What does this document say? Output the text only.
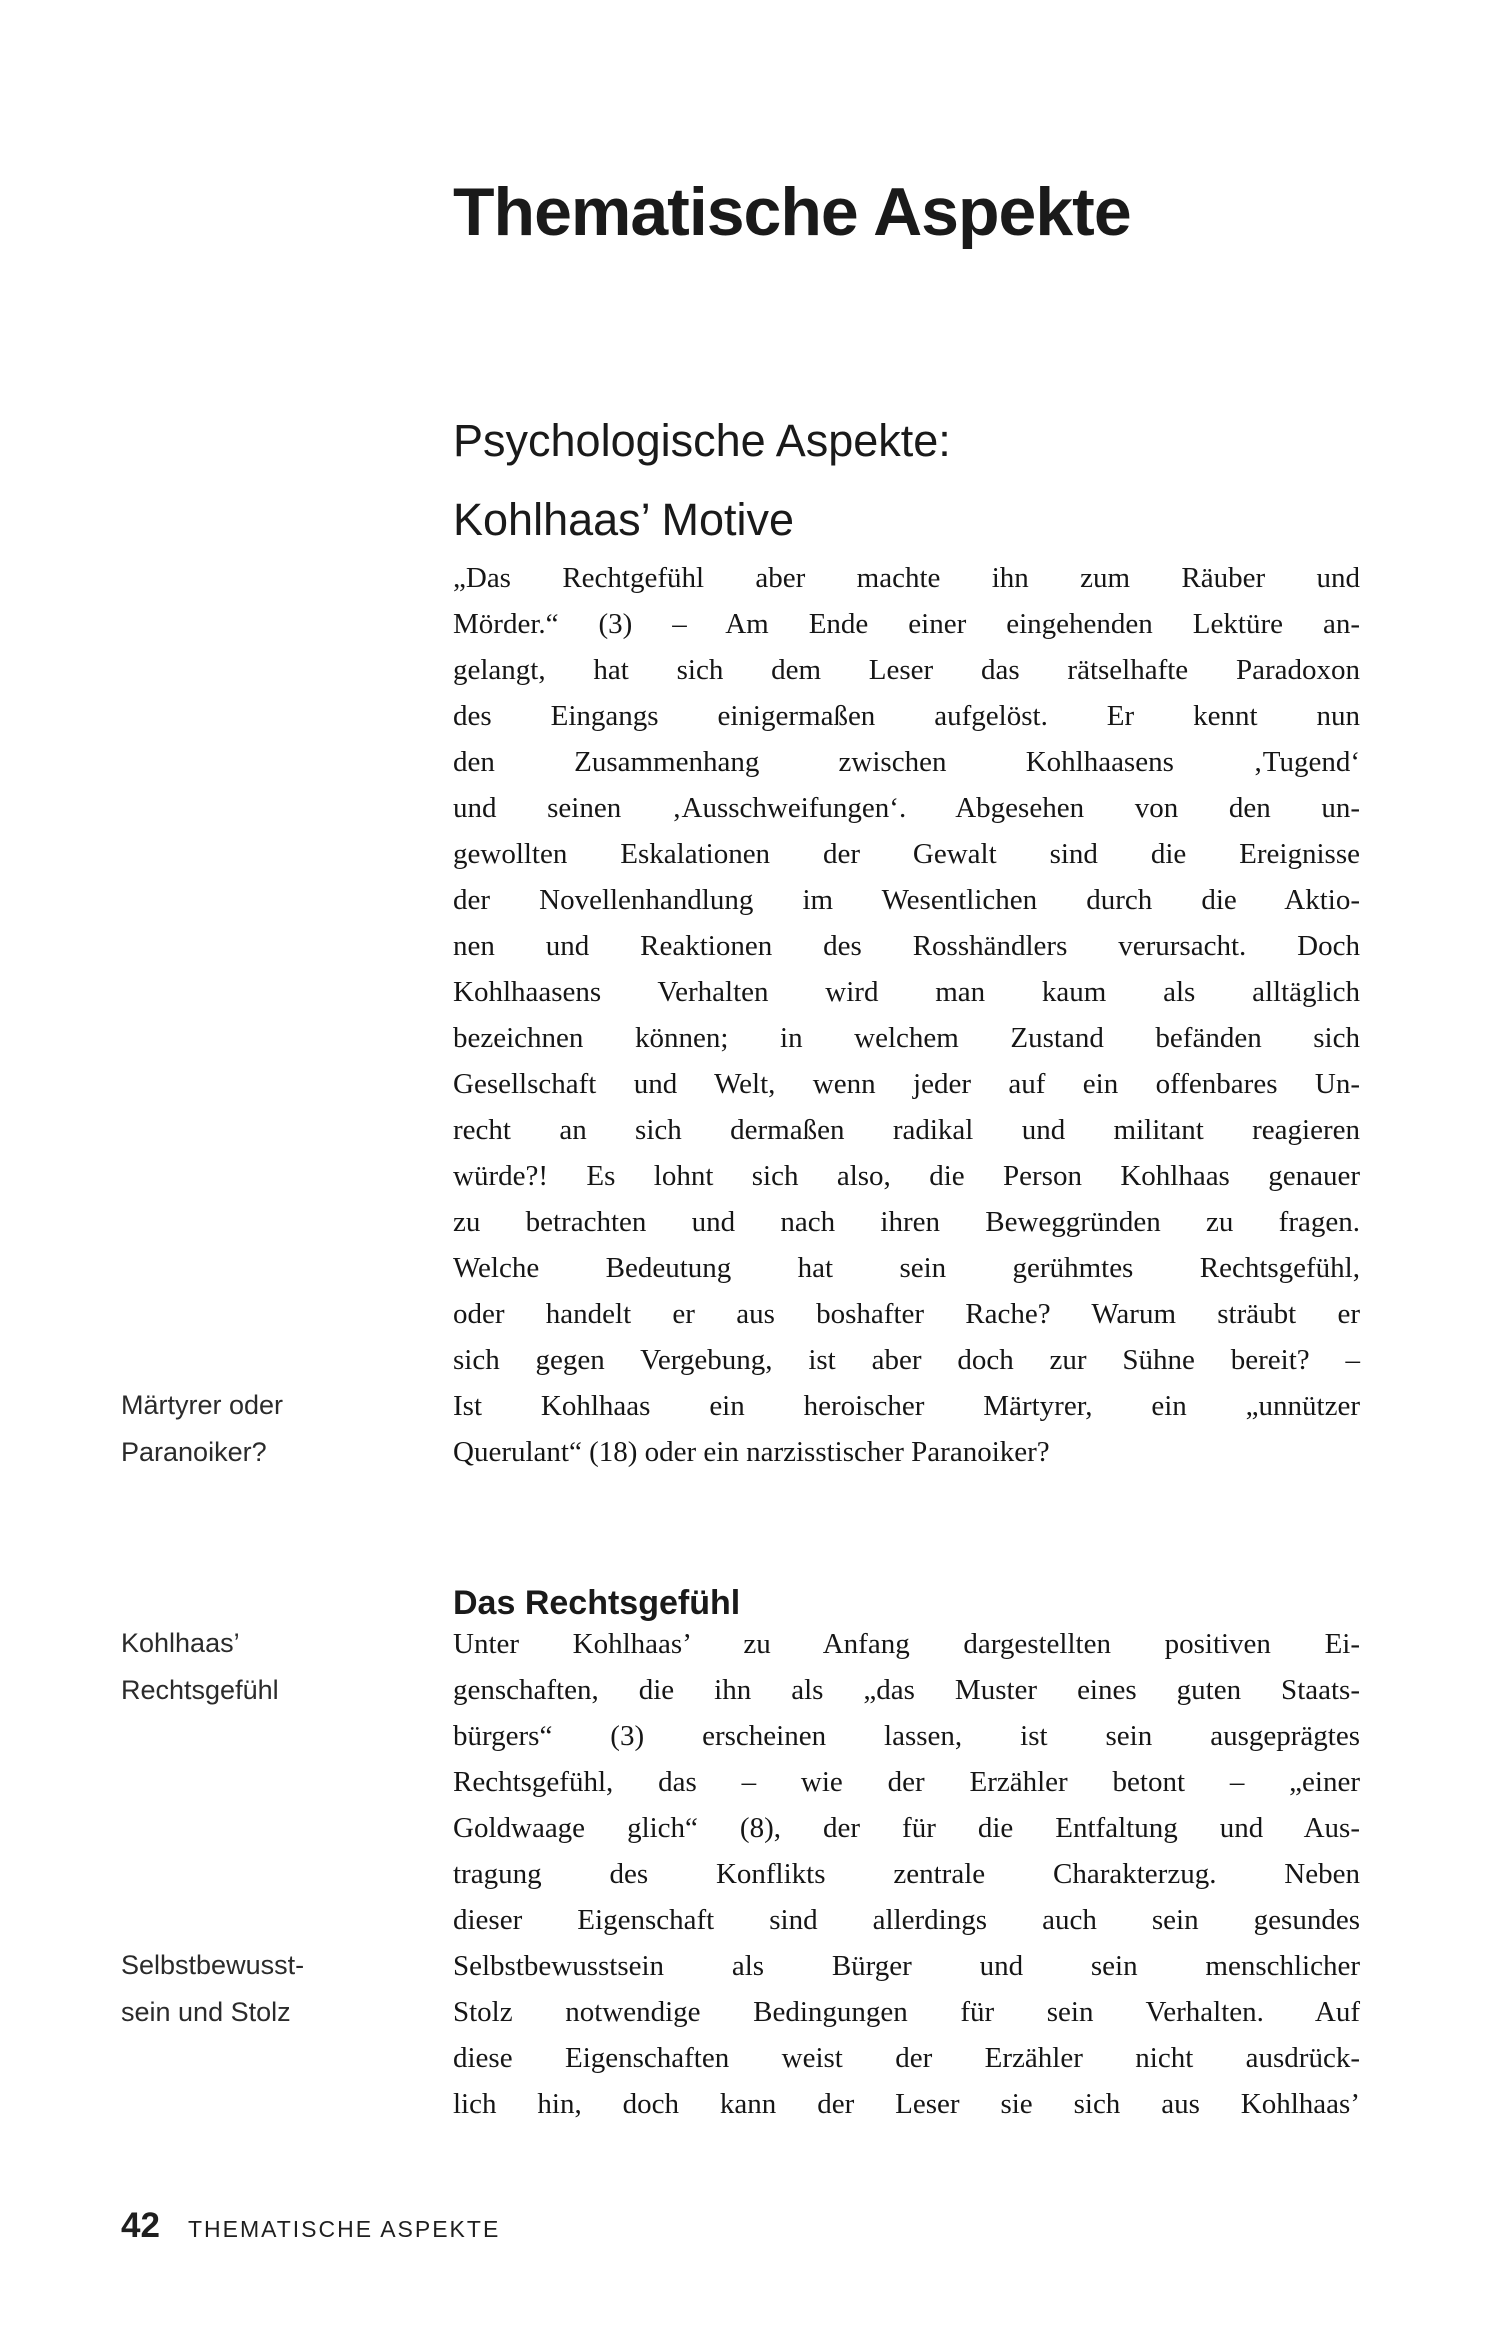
Thematische Aspekte
Psychologische Aspekte:
Kohlhaas’ Motive
„Das Rechtgefühl aber machte ihn zum Räuber und
Mörder.“ (3) – Am Ende einer eingehenden Lektüre an-
gelangt, hat sich dem Leser das rätselhafte Paradoxon
des Eingangs einigermaßen aufgelöst. Er kennt nun
den Zusammenhang zwischen Kohlhaasens ‚Tugend‘
und seinen ‚Ausschweifungen‘. Abgesehen von den un-
gewollten Eskalationen der Gewalt sind die Ereignisse
der Novellenhandlung im Wesentlichen durch die Aktio-
nen und Reaktionen des Rosshändlers verursacht. Doch
Kohlhaasens Verhalten wird man kaum als alltäglich
bezeichnen können; in welchem Zustand befänden sich
Gesellschaft und Welt, wenn jeder auf ein offenbares Un-
recht an sich dermaßen radikal und militant reagieren
würde?! Es lohnt sich also, die Person Kohlhaas genauer
zu betrachten und nach ihren Beweggründen zu fragen.
Welche Bedeutung hat sein gerühmtes Rechtsgefühl,
oder handelt er aus boshafter Rache? Warum sträubt er
sich gegen Vergebung, ist aber doch zur Sühne bereit? –
Ist Kohlhaas ein heroischer Märtyrer, ein „unnützer
Querulant“ (18) oder ein narzisstischer Paranoiker?
Das Rechtsgefühl
Unter Kohlhaas’ zu Anfang dargestellten positiven Ei-
genschaften, die ihn als „das Muster eines guten Staats-
bürgers“ (3) erscheinen lassen, ist sein ausgeprägtes
Rechtsgefühl, das – wie der Erzähler betont – „einer
Goldwaage glich“ (8), der für die Entfaltung und Aus-
tragung des Konflikts zentrale Charakterzug. Neben
dieser Eigenschaft sind allerdings auch sein gesundes
Selbstbewusstsein als Bürger und sein menschlicher
Stolz notwendige Bedingungen für sein Verhalten. Auf
diese Eigenschaften weist der Erzähler nicht ausdrück-
lich hin, doch kann der Leser sie sich aus Kohlhaas’
Märtyrer oder
Paranoiker?
Kohlhaas’
Rechtsgefühl
Selbstbewusst-
sein und Stolz
42 THEMATISCHE ASPEKTE
